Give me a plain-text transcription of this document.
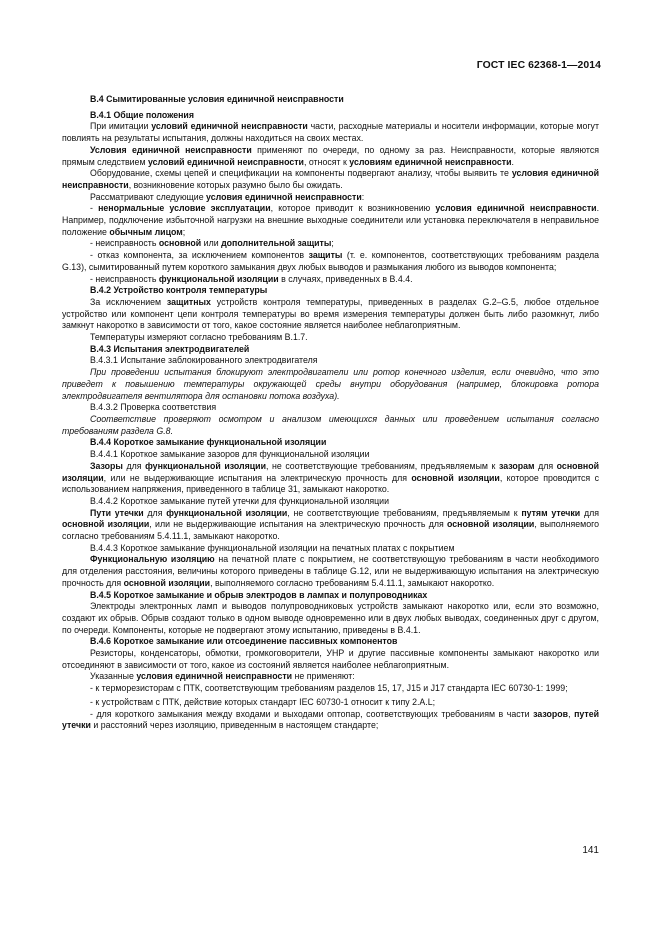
ГОСТ IEC 62368-1—2014

B.4 Сымитированные условия единичной неисправности

B.4.1 Общие положения

При имитации условий единичной неисправности части, расходные материалы и носители информации, которые могут повлиять на результаты испытания, должны находиться на своих местах.

Условия единичной неисправности применяют по очереди, по одному за раз. Неисправности, которые являются прямым следствием условий единичной неисправности, относят к условиям единичной неисправности.

Оборудование, схемы цепей и спецификации на компоненты подвергают анализу, чтобы выявить те условия единичной неисправности, возникновение которых разумно было бы ожидать.

Рассматривают следующие условия единичной неисправности:

- ненормальные условие эксплуатации, которое приводит к возникновению условия единичной неисправности. Например, подключение избыточной нагрузки на внешние выходные соединители или установка переключателя в неправильное положение обычным лицом;

- неисправность основной или дополнительной защиты;

- отказ компонента, за исключением компонентов защиты (т. е. компонентов, соответствующих требованиям раздела G.13), сымитированный путем короткого замыкания двух любых выводов и размыкания любого из выводов компонента;

- неисправность функциональной изоляции в случаях, приведенных в B.4.4.

B.4.2 Устройство контроля температуры

За исключением защитных устройств контроля температуры, приведенных в разделах G.2–G.5, любое отдельное устройство или компонент цепи контроля температуры во время измерения температуры должен быть либо разомкнут, либо замкнут накоротко в зависимости от того, какое состояние является наиболее неблагоприятным.

Температуры измеряют согласно требованиям B.1.7.

B.4.3 Испытания электродвигателей

B.4.3.1 Испытание заблокированного электродвигателя

При проведении испытания блокируют электродвигатели или ротор конечного изделия, если очевидно, что это приведет к повышению температуры окружающей среды внутри оборудования (например, блокировка ротора электродвигателя вентилятора для остановки потока воздуха).

B.4.3.2 Проверка соответствия

Соответствие проверяют осмотром и анализом имеющихся данных или проведением испытания согласно требованиям раздела G.8.

B.4.4 Короткое замыкание функциональной изоляции

B.4.4.1 Короткое замыкание зазоров для функциональной изоляции

Зазоры для функциональной изоляции, не соответствующие требованиям, предъявляемым к зазорам для основной изоляции, или не выдерживающие испытания на электрическую прочность для основной изоляции, которое проводится с использованием напряжения, приведенного в таблице 31, замыкают накоротко.

B.4.4.2 Короткое замыкание путей утечки для функциональной изоляции

Пути утечки для функциональной изоляции, не соответствующие требованиям, предъявляемым к путям утечки для основной изоляции, или не выдерживающие испытания на электрическую прочность для основной изоляции, выполняемого согласно требованиям 5.4.11.1, замыкают накоротко.

B.4.4.3 Короткое замыкание функциональной изоляции на печатных платах с покрытием

Функциональную изоляцию на печатной плате с покрытием, не соответствующую требованиям в части необходимого для отделения расстояния, величины которого приведены в таблице G.12, или не выдерживающую испытания на электрическую прочность для основной изоляции, выполняемого согласно требованиям 5.4.11.1, замыкают накоротко.

B.4.5 Короткое замыкание и обрыв электродов в лампах и полупроводниках

Электроды электронных ламп и выводов полупроводниковых устройств замыкают накоротко или, если это возможно, создают их обрыв. Обрыв создают только в одном выводе одновременно или в двух любых выводах, соединенных друг с другом, по очереди. Компоненты, которые не подвергают этому испытанию, приведены в B.4.1.

B.4.6 Короткое замыкание или отсоединение пассивных компонентов

Резисторы, конденсаторы, обмотки, громкоговорители, УНР и другие пассивные компоненты замыкают накоротко или отсоединяют в зависимости от того, какое из состояний является наиболее неблагоприятным.

Указанные условия единичной неисправности не применяют:

- к терморезисторам с ПТК, соответствующим требованиям разделов 15, 17, J15 и J17 стандарта IEC 60730-1: 1999;

- к устройствам с ПТК, действие которых стандарт IEC 60730-1 относит к типу 2.A.L;

- для короткого замыкания между входами и выходами оптопар, соответствующих требованиям в части зазоров, путей утечки и расстояний через изоляцию, приведенным в настоящем стандарте;

141
